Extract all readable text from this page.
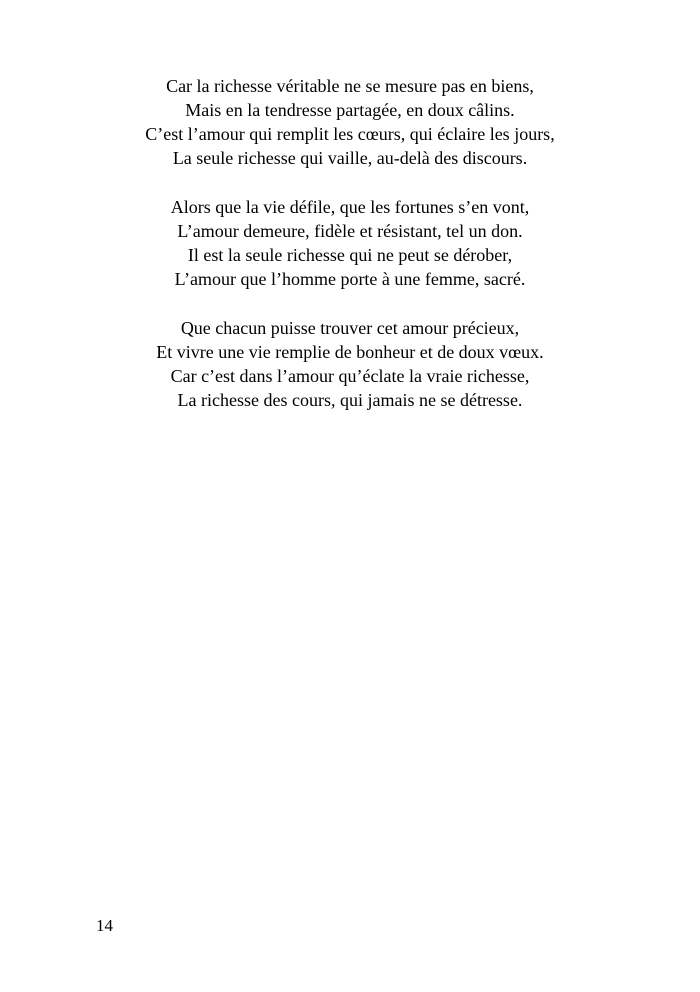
Car la richesse véritable ne se mesure pas en biens,
Mais en la tendresse partagée, en doux câlins.
C’est l’amour qui remplit les cœurs, qui éclaire les jours,
La seule richesse qui vaille, au-delà des discours.
Alors que la vie défile, que les fortunes s’en vont,
L’amour demeure, fidèle et résistant, tel un don.
Il est la seule richesse qui ne peut se dérober,
L’amour que l’homme porte à une femme, sacré.
Que chacun puisse trouver cet amour précieux,
Et vivre une vie remplie de bonheur et de doux vœux.
Car c’est dans l’amour qu’éclate la vraie richesse,
La richesse des cours, qui jamais ne se détresse.
14
